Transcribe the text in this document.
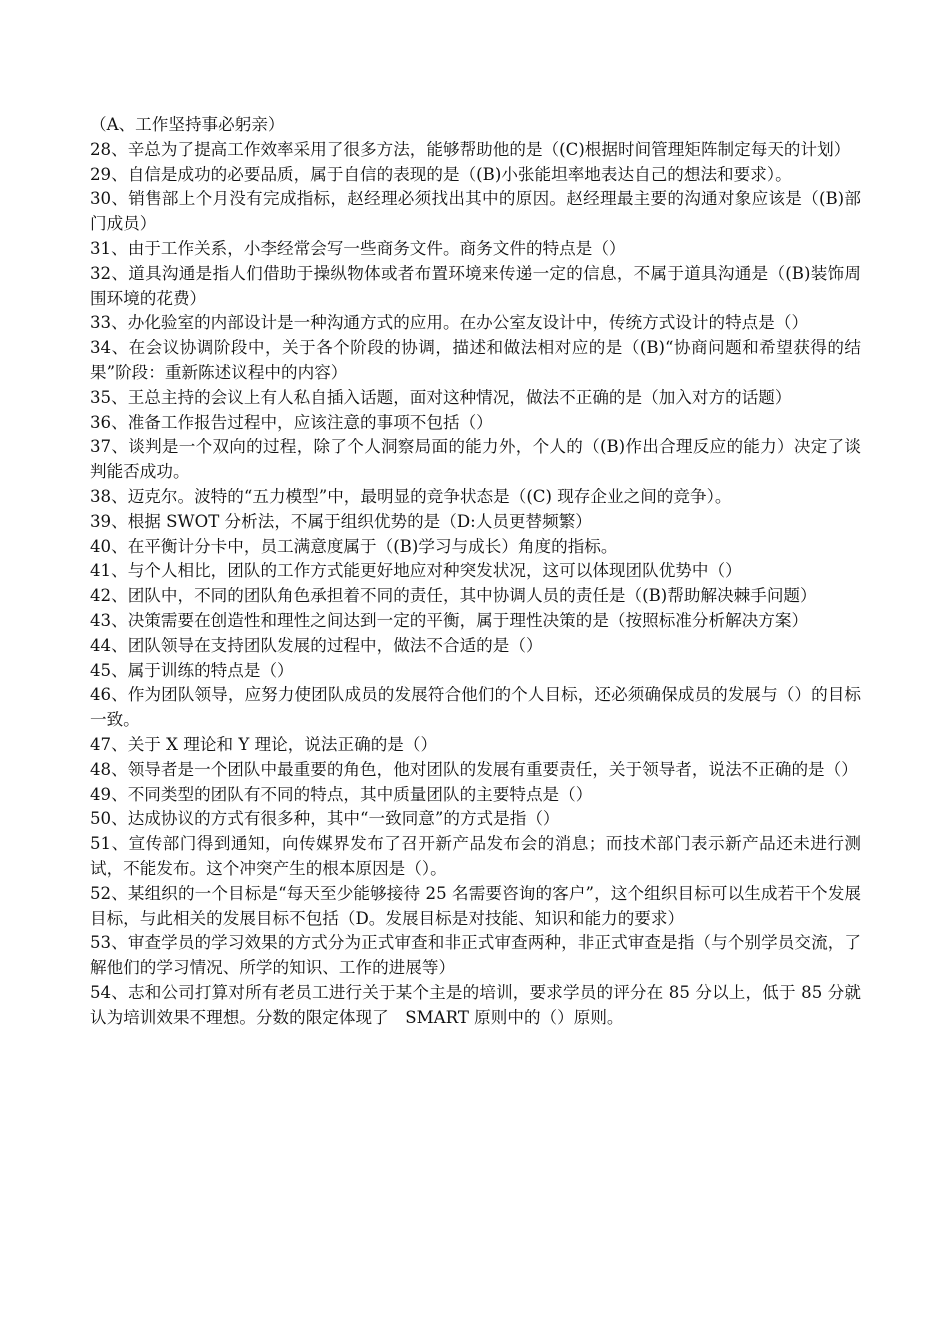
（A、工作坚持事必躬亲）

28、辛总为了提高工作效率采用了很多方法，能够帮助他的是（(C)根据时间管理矩阵制定每天的计划）

29、自信是成功的必要品质，属于自信的表现的是（(B)小张能坦率地表达自己的想法和要求）。

30、销售部上个月没有完成指标，赵经理必须找出其中的原因。赵经理最主要的沟通对象应该是（(B)部门成员）

31、由于工作关系，小李经常会写一些商务文件。商务文件的特点是（）

32、道具沟通是指人们借助于操纵物体或者布置环境来传递一定的信息，不属于道具沟通是（(B)装饰周围环境的花费）

33、办化验室的内部设计是一种沟通方式的应用。在办公室友设计中，传统方式设计的特点是（）

34、在会议协调阶段中，关于各个阶段的协调，描述和做法相对应的是（(B)“协商问题和希望获得的结果”阶段：重新陈述议程中的内容）

35、王总主持的会议上有人私自插入话题，面对这种情况，做法不正确的是（加入对方的话题）

36、准备工作报告过程中，应该注意的事项不包括（）

37、谈判是一个双向的过程，除了个人洞察局面的能力外，个人的（(B)作出合理反应的能力）决定了谈判能否成功。

38、迈克尔。波特的“五力模型”中，最明显的竞争状态是（(C) 现存企业之间的竞争）。

39、根据 SWOT 分析法，不属于组织优势的是（D:人员更替频繁）

40、在平衡计分卡中，员工满意度属于（(B)学习与成长）角度的指标。

41、与个人相比，团队的工作方式能更好地应对种突发状况，这可以体现团队优势中（）

42、团队中，不同的团队角色承担着不同的责任，其中协调人员的责任是（(B)帮助解决棘手问题）

43、决策需要在创造性和理性之间达到一定的平衡，属于理性决策的是（按照标准分析解决方案）

44、团队领导在支持团队发展的过程中，做法不合适的是（）

45、属于训练的特点是（）

46、作为团队领导，应努力使团队成员的发展符合他们的个人目标，还必须确保成员的发展与（）的目标一致。

47、关于 X 理论和 Y 理论，说法正确的是（）

48、领导者是一个团队中最重要的角色，他对团队的发展有重要责任，关于领导者，说法不正确的是（）

49、不同类型的团队有不同的特点，其中质量团队的主要特点是（）

50、达成协议的方式有很多种，其中“一致同意”的方式是指（）

51、宣传部门得到通知，向传媒界发布了召开新产品发布会的消息；而技术部门表示新产品还未进行测试，不能发布。这个冲突产生的根本原因是（）。

52、某组织的一个目标是“每天至少能够接待 25 名需要咨询的客户”，这个组织目标可以生成若干个发展目标，与此相关的发展目标不包括（D。发展目标是对技能、知识和能力的要求）

53、审查学员的学习效果的方式分为正式审查和非正式审查两种，非正式审查是指（与个别学员交流，了解他们的学习情况、所学的知识、工作的进展等）

54、志和公司打算对所有老员工进行关于某个主是的培训，要求学员的评分在 85 分以上，低于 85 分就认为培训效果不理想。分数的限定体现了　SMART 原则中的（）原则。
